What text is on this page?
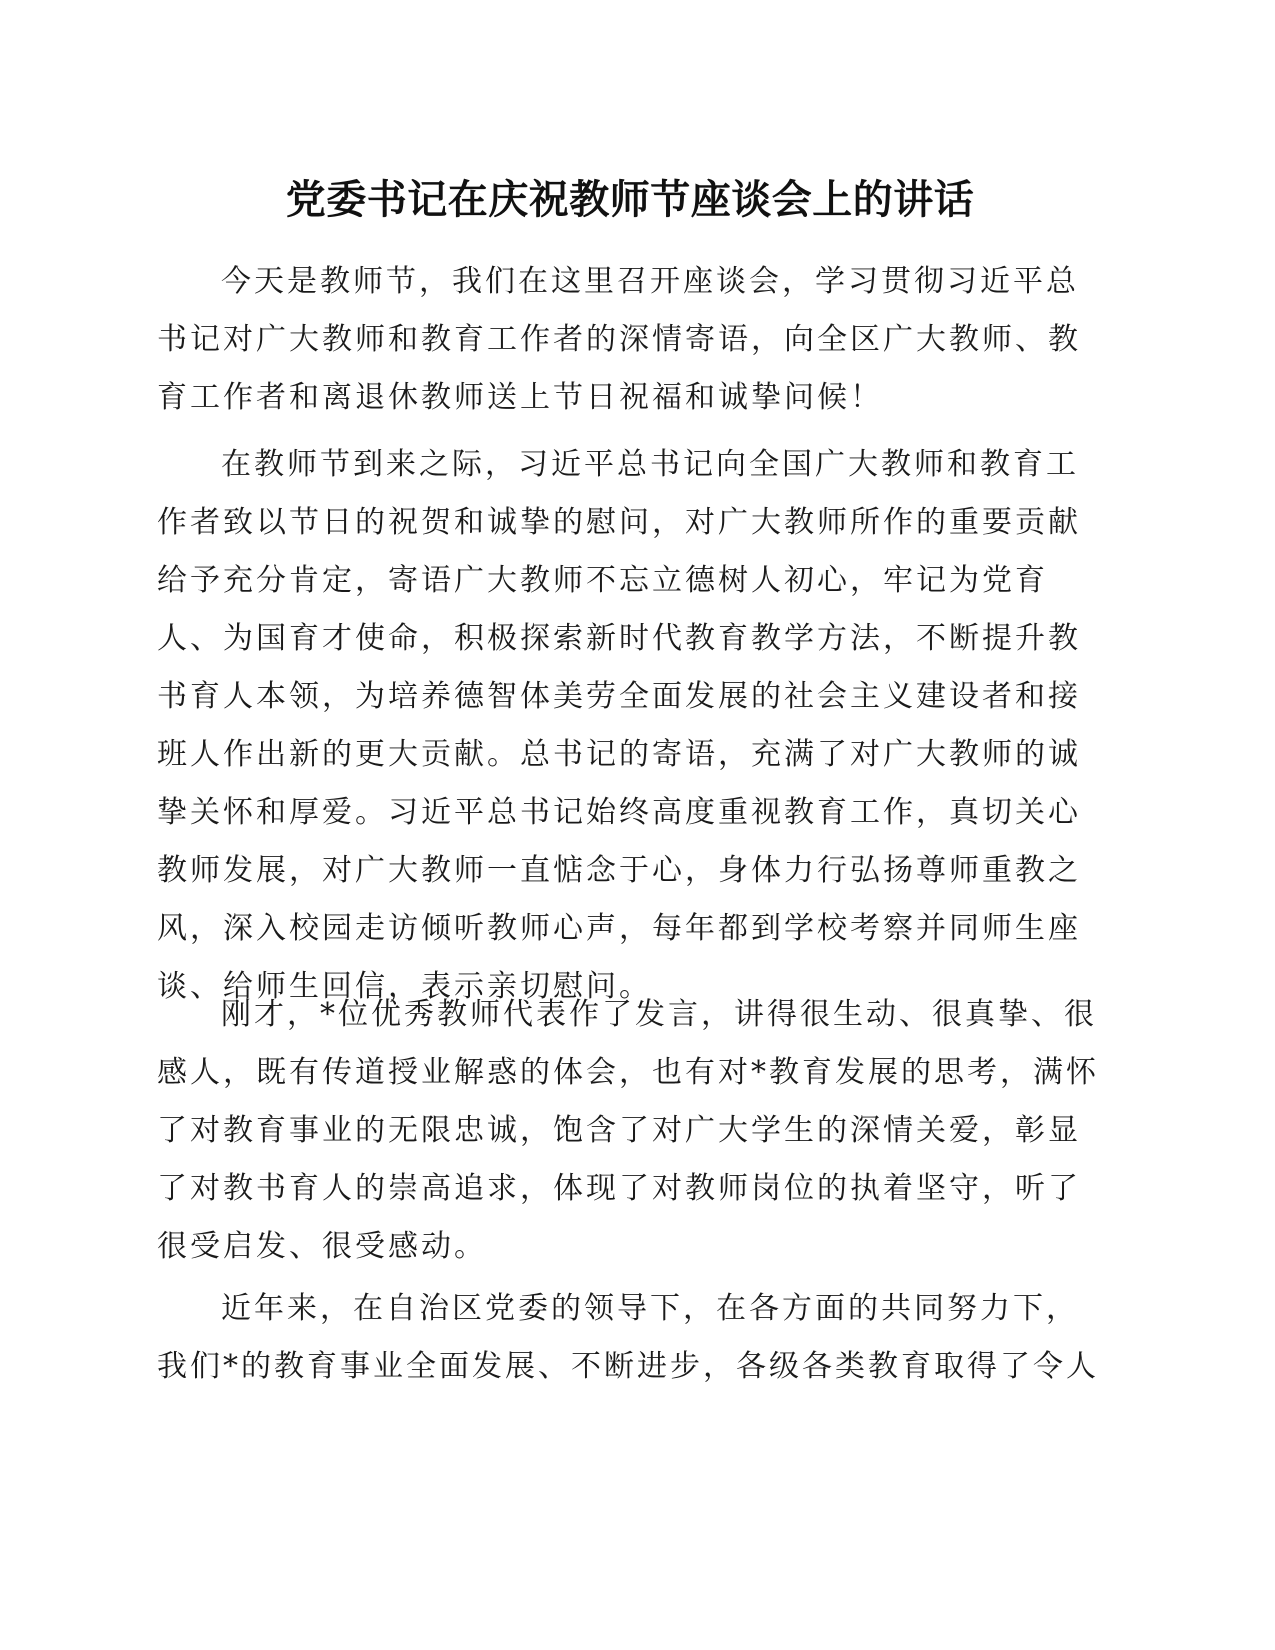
党委书记在庆祝教师节座谈会上的讲话

今天是教师节，我们在这里召开座谈会，学习贯彻习近平总
书记对广大教师和教育工作者的深情寄语，向全区广大教师、教
育工作者和离退休教师送上节日祝福和诚挚问候！

在教师节到来之际，习近平总书记向全国广大教师和教育工
作者致以节日的祝贺和诚挚的慰问，对广大教师所作的重要贡献
给予充分肯定，寄语广大教师不忘立德树人初心，牢记为党育
人、为国育才使命，积极探索新时代教育教学方法，不断提升教
书育人本领，为培养德智体美劳全面发展的社会主义建设者和接
班人作出新的更大贡献。总书记的寄语，充满了对广大教师的诚
挚关怀和厚爱。习近平总书记始终高度重视教育工作，真切关心
教师发展，对广大教师一直惦念于心，身体力行弘扬尊师重教之
风，深入校园走访倾听教师心声，每年都到学校考察并同师生座
谈、给师生回信，表示亲切慰问。

刚才，*位优秀教师代表作了发言，讲得很生动、很真挚、很
感人，既有传道授业解惑的体会，也有对*教育发展的思考，满怀
了对教育事业的无限忠诚，饱含了对广大学生的深情关爱，彰显
了对教书育人的崇高追求，体现了对教师岗位的执着坚守，听了
很受启发、很受感动。

近年来，在自治区党委的领导下，在各方面的共同努力下，
我们*的教育事业全面发展、不断进步，各级各类教育取得了令人
